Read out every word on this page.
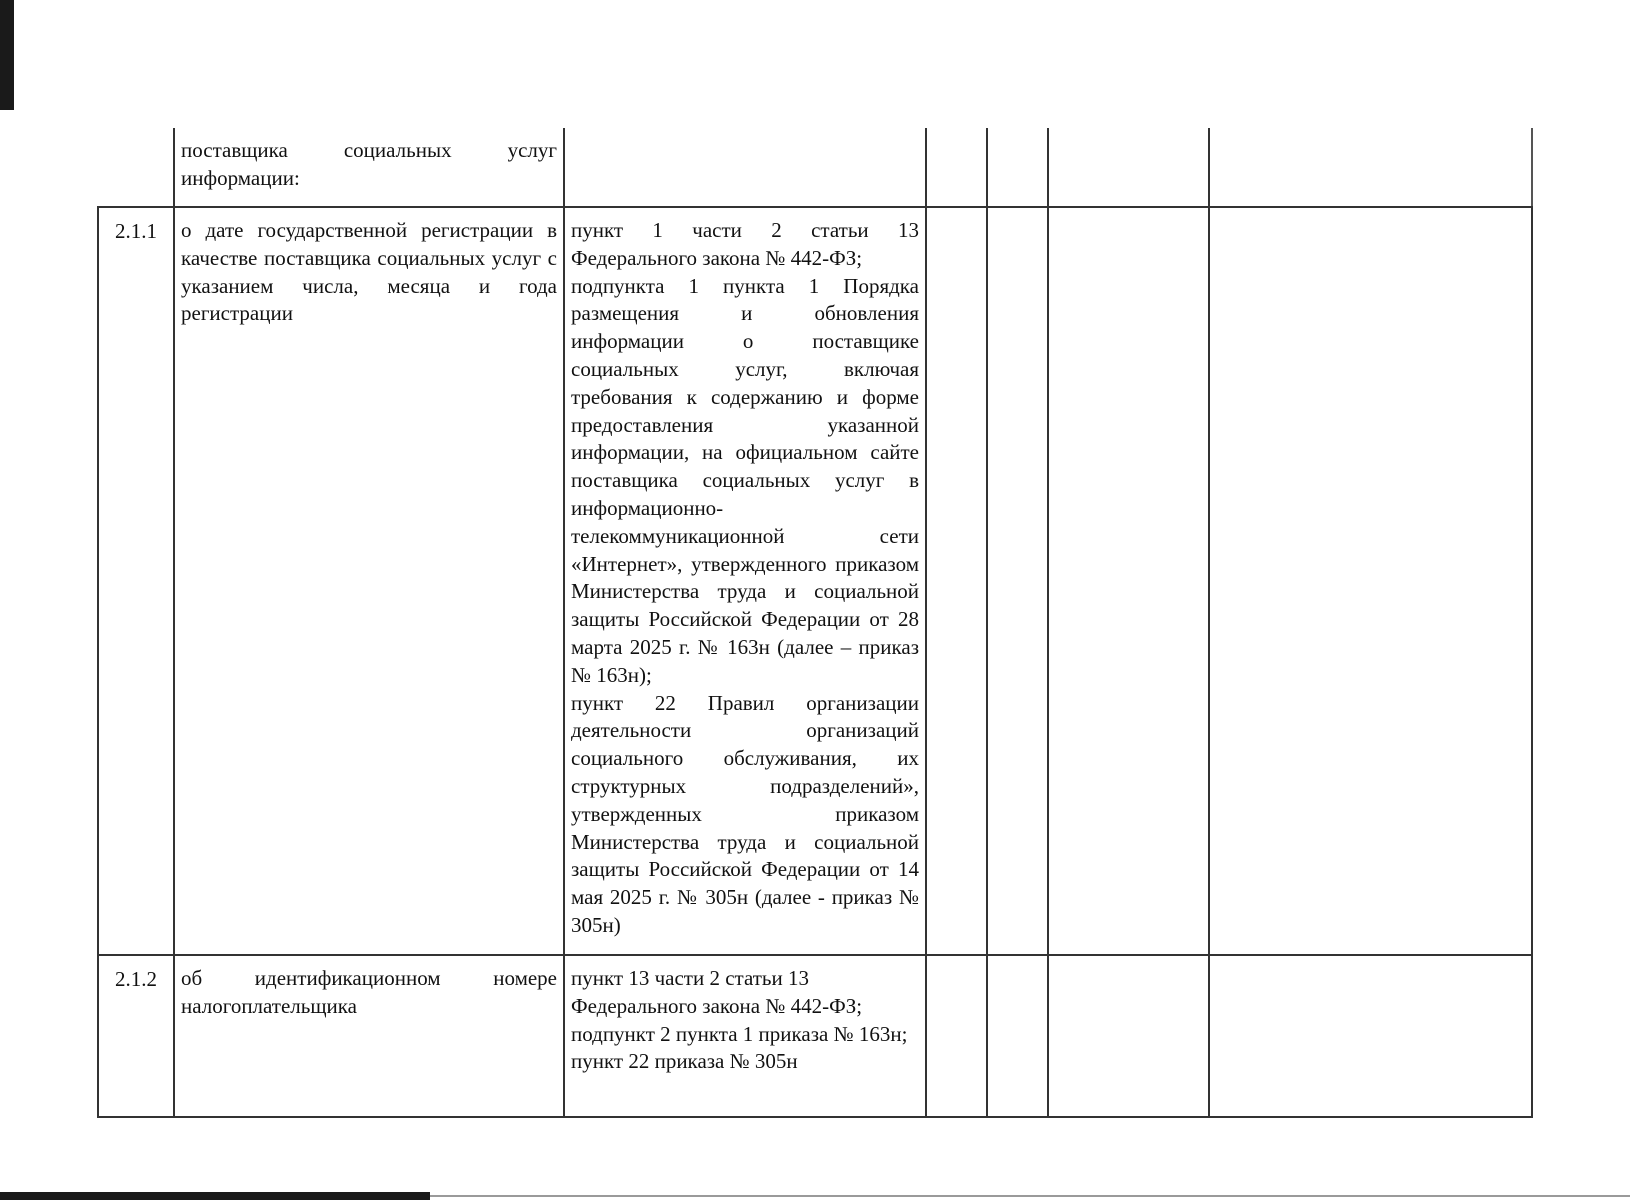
	поставщика социальных услуг информации:					

2.1.1	о дате государственной регистрации в качестве поставщика социальных услуг с указанием числа, месяца и года регистрации	пункт 1 части 2 статьи 13 Федерального закона № 442-ФЗ;
подпункта 1 пункта 1 Порядка размещения и обновления информации о поставщике социальных услуг, включая требования к содержанию и форме предоставления указанной информации, на официальном сайте поставщика социальных услуг в информационно-телекоммуникационной сети «Интернет», утвержденного приказом Министерства труда и социальной защиты Российской Федерации от 28 марта 2025 г. № 163н (далее – приказ № 163н);
пункт 22 Правил организации деятельности организаций социального обслуживания, их структурных подразделений», утвержденных приказом Министерства труда и социальной защиты Российской Федерации от 14 мая 2025 г. № 305н (далее - приказ № 305н)				

2.1.2	об идентификационном номере налогоплательщика	пункт 13 части 2 статьи 13 Федерального закона № 442-ФЗ;
подпункт 2 пункта 1 приказа № 163н;
пункт 22 приказа № 305н				
